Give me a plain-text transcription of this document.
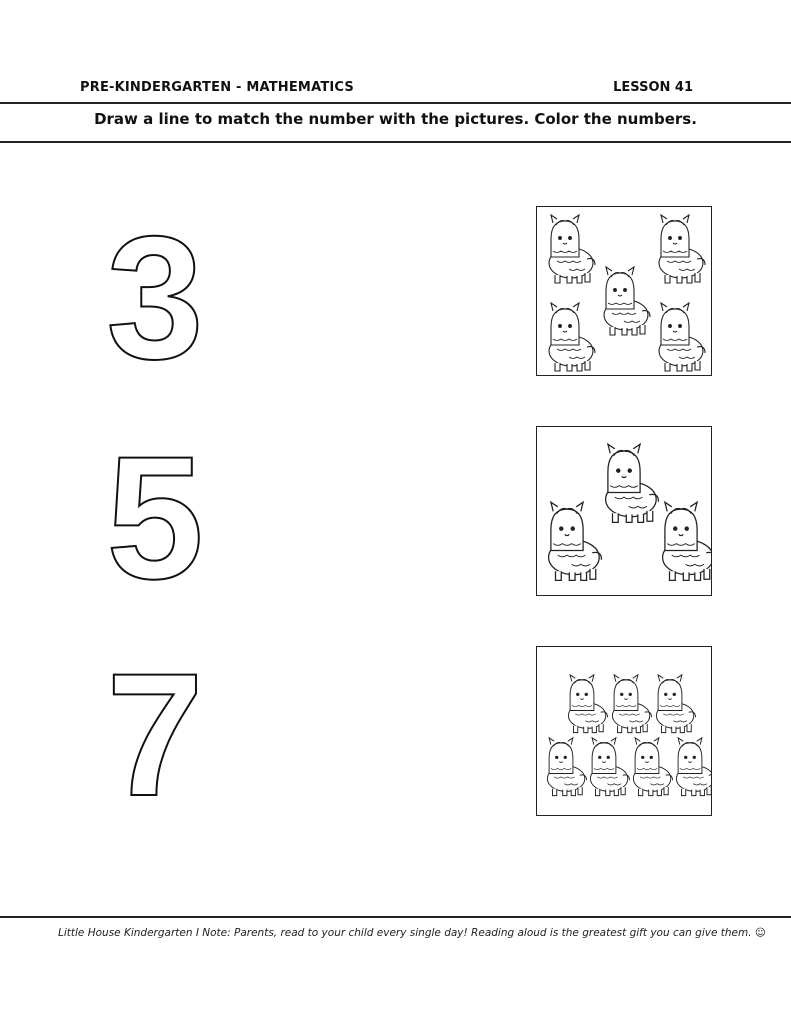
PRE-KINDERGARTEN - MATHEMATICS	LESSON 41
Draw a line to match the number with the pictures. Color the numbers.
3
5
7
Little House Kindergarten I Note: Parents, read to your child every single day! Reading aloud is the greatest gift you can give them. ☺
